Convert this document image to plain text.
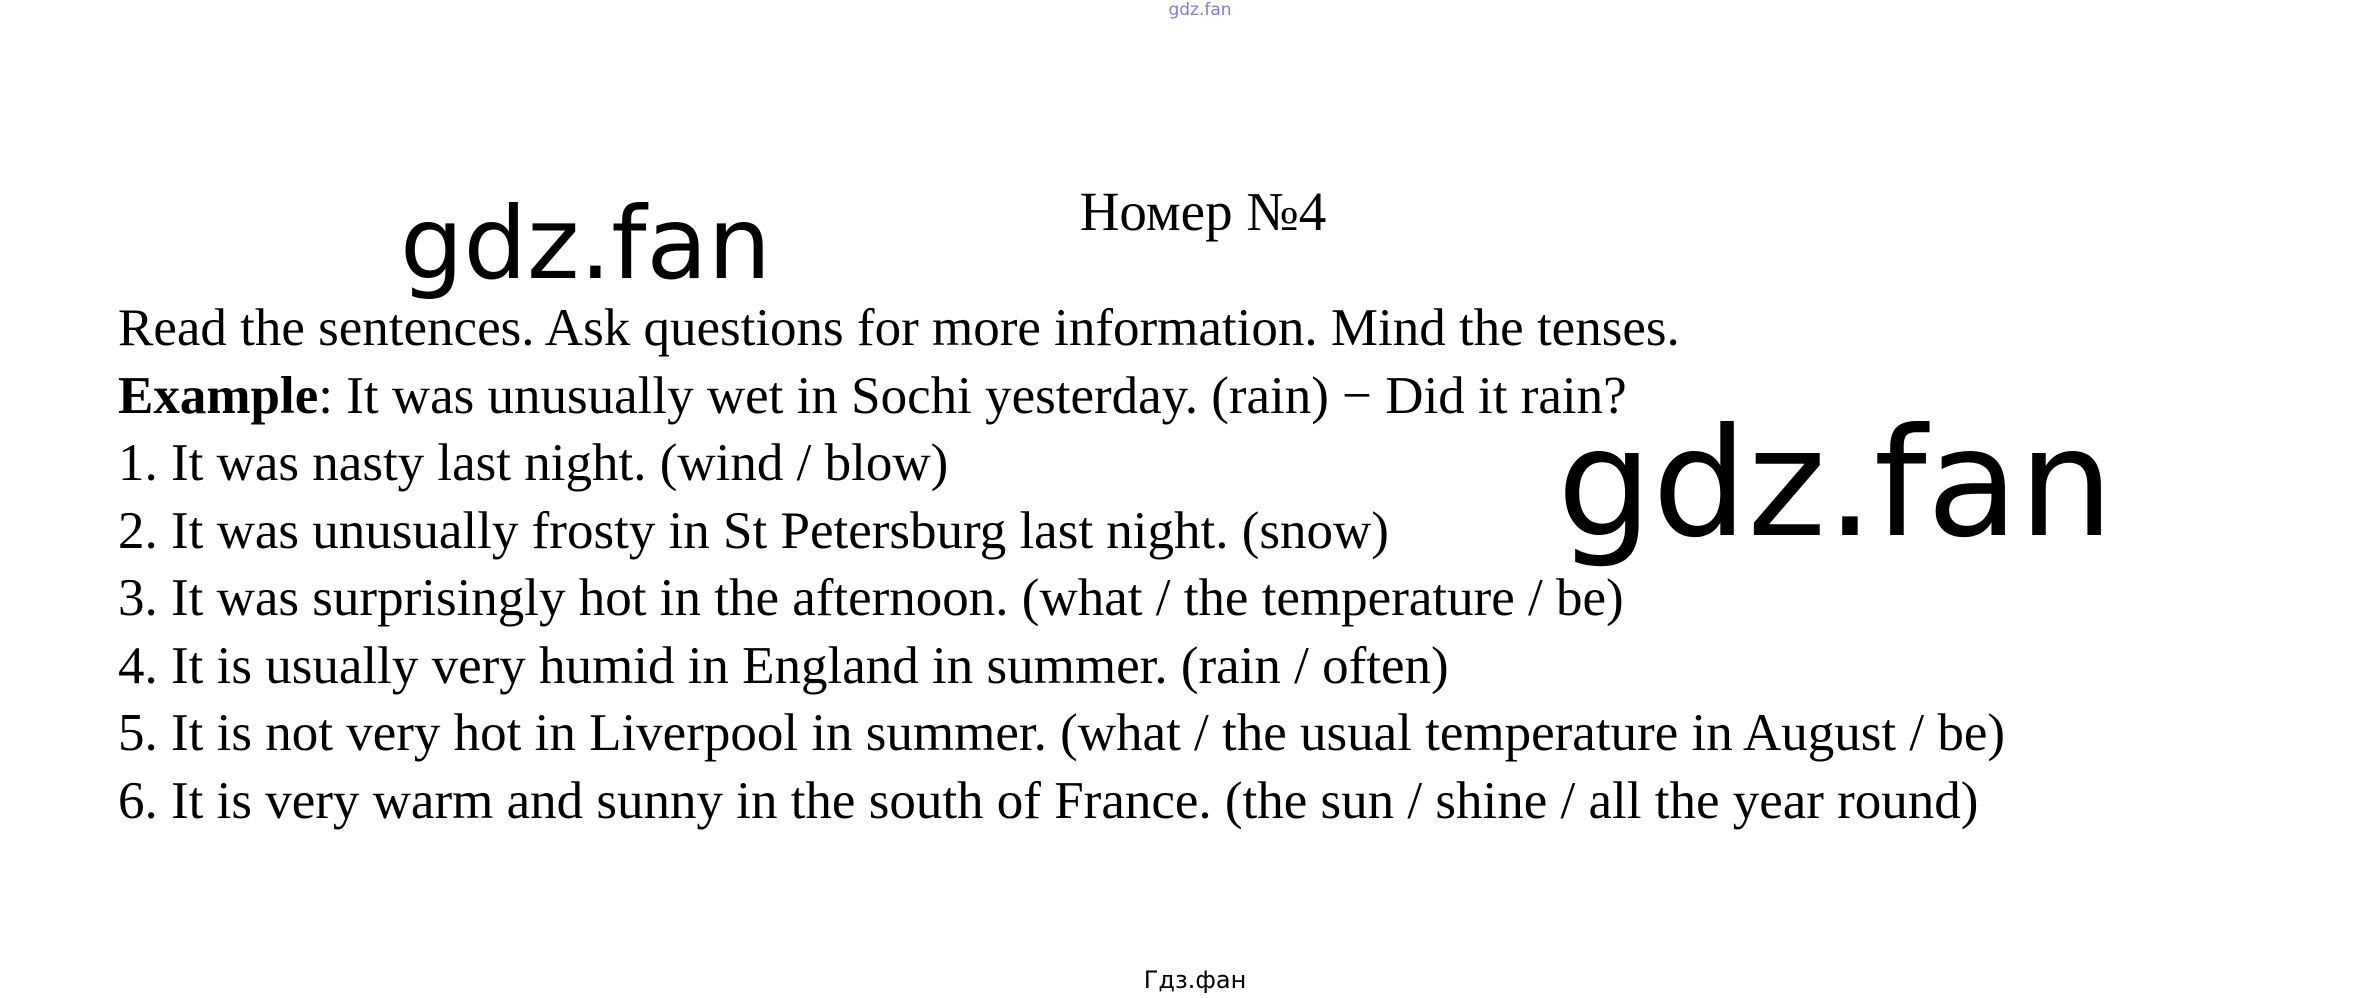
gdz.fan
Номер №4
Read the sentences. Ask questions for more information. Mind the tenses.
Example: It was unusually wet in Sochi yesterday. (rain) − Did it rain?
1. It was nasty last night. (wind / blow)
2. It was unusually frosty in St Petersburg last night. (snow)
3. It was surprisingly hot in the afternoon. (what / the temperature / be)
4. It is usually very humid in England in summer. (rain / often)
5. It is not very hot in Liverpool in summer. (what / the usual temperature in August / be)
6. It is very warm and sunny in the south of France. (the sun / shine / all the year round)
gdz.fan
gdz.fan
Гдз.фан
